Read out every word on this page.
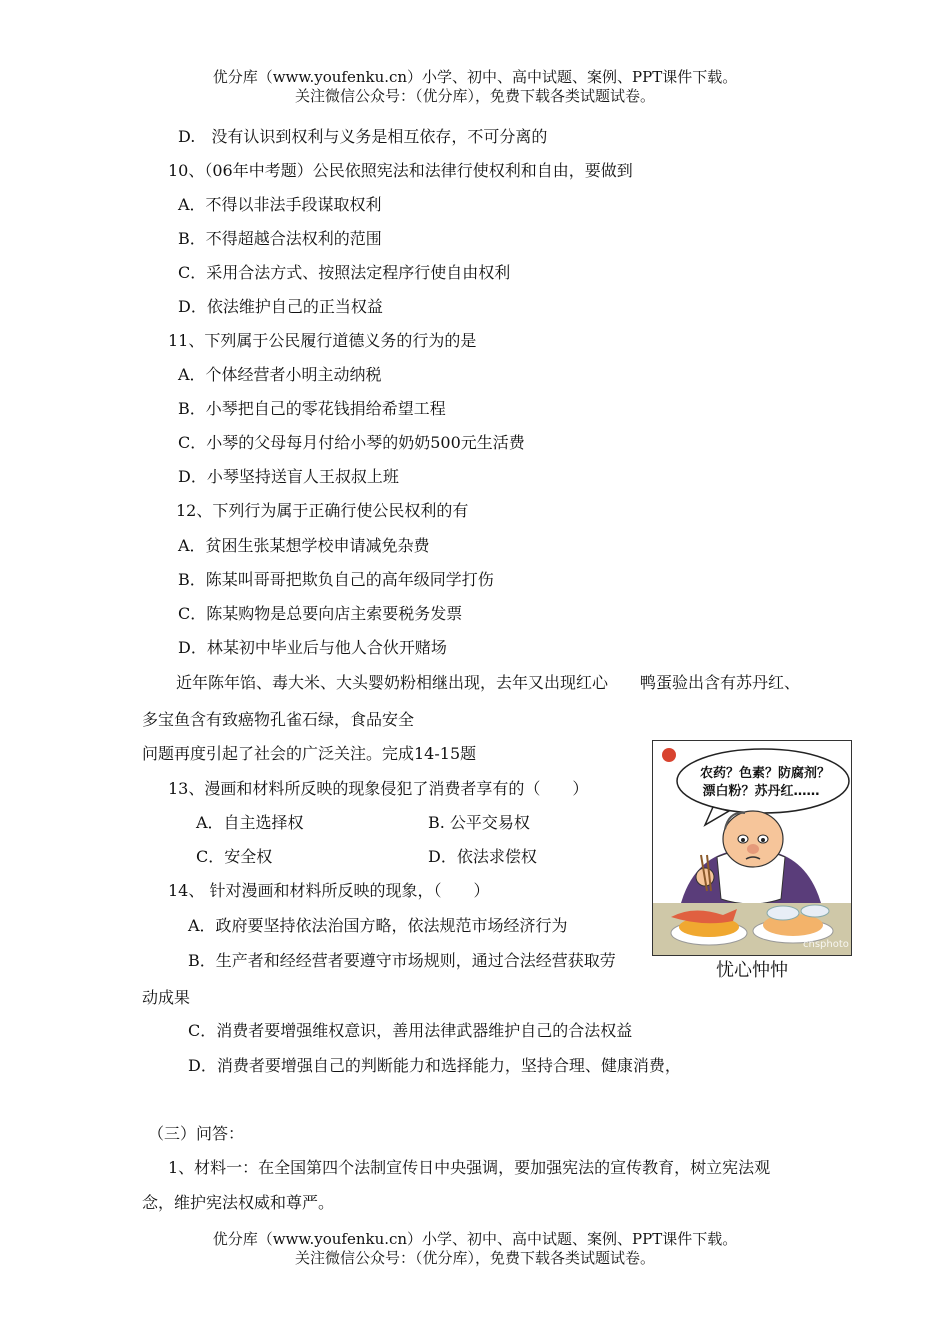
优分库（www.youfenku.cn）小学、初中、高中试题、案例、PPT课件下载。
关注微信公众号：（优分库），免费下载各类试题试卷。
D.　没有认识到权利与义务是相互依存，不可分离的
10、（06年中考题）公民依照宪法和法律行使权利和自由，要做到
A．不得以非法手段谋取权利
B．不得超越合法权利的范围
C．采用合法方式、按照法定程序行使自由权利
D．依法维护自己的正当权益
11、下列属于公民履行道德义务的行为的是
A．个体经营者小明主动纳税
B．小琴把自己的零花钱捐给希望工程
C．小琴的父母每月付给小琴的奶奶500元生活费
D．小琴坚持送盲人王叔叔上班
12、下列行为属于正确行使公民权利的有
A．贫困生张某想学校申请减免杂费
B．陈某叫哥哥把欺负自己的高年级同学打伤
C．陈某购物是总要向店主索要税务发票
D．林某初中毕业后与他人合伙开赌场
近年陈年馅、毒大米、大头婴奶粉相继出现，去年又出现红心　　鸭蛋验出含有苏丹红、
多宝鱼含有致癌物孔雀石绿，食品安全
问题再度引起了社会的广泛关注。完成14-15题
13、漫画和材料所反映的现象侵犯了消费者享有的（　　）
A．自主选择权	B. 公平交易权
C．安全权	D．依法求偿权
14、 针对漫画和材料所反映的现象，（　　）
A．政府要坚持依法治国方略，依法规范市场经济行为
B．生产者和经经营者要遵守市场规则，通过合法经营获取劳
动成果
C．消费者要增强维权意识，善用法律武器维护自己的合法权益
D．消费者要增强自己的判断能力和选择能力，坚持合理、健康消费，
（三）问答：
1、材料一：在全国第四个法制宣传日中央强调，要加强宪法的宣传教育，树立宪法观
念，维护宪法权威和尊严。
农药？色素？防腐剂？
漂白粉？苏丹红……
cnsphoto
忧心忡忡
优分库（www.youfenku.cn）小学、初中、高中试题、案例、PPT课件下载。
关注微信公众号：（优分库），免费下载各类试题试卷。
